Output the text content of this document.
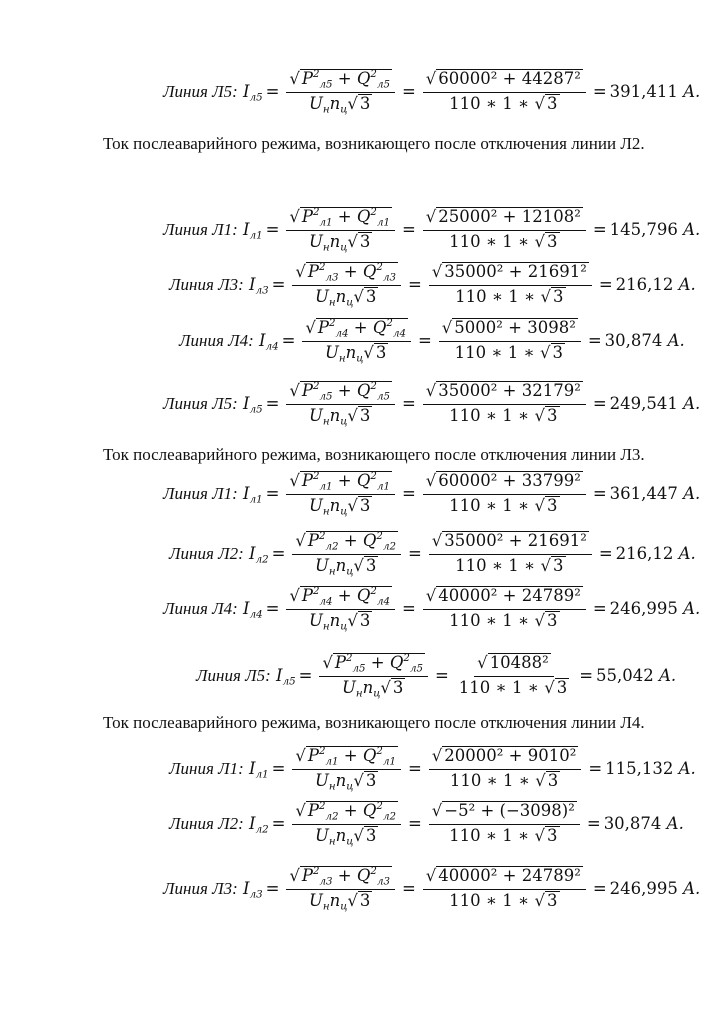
Ток послеаварийного режима, возникающего после отключения линии Л2.
Ток послеаварийного режима, возникающего после отключения линии Л3.
Ток послеаварийного режима, возникающего после отключения линии Л4.
Линия Л5:
$I_{л5} = \frac{√ P^2_{л5} + Q^2_{л5}}{U_нn_ц√ 3} = \frac{\text{√ 60000² + 44287²}}{110 ∗ 1 ∗ √ 3} = 391,411$
A.
Линия Л1:
$I_{л1} = \frac{√ P^2_{л1} + Q^2_{л1}}{U_нn_ц√ 3} = \frac{\text{√ 25000² + 12108²}}{110 ∗ 1 ∗ √ 3} = 145,796$
A.
Линия Л3:
$I_{л3} = \frac{√ P^2_{л3} + Q^2_{л3}}{U_нn_ц√ 3} = \frac{\text{√ 35000² + 21691²}}{110 ∗ 1 ∗ √ 3} = 216,12$
A.
Линия Л4:
$I_{л4} = \frac{√ P^2_{л4} + Q^2_{л4}}{U_нn_ц√ 3} = \frac{\text{√ 5000² + 3098²}}{110 ∗ 1 ∗ √ 3} = 30,874$
A.
Линия Л5:
$I_{л5} = \frac{√ P^2_{л5} + Q^2_{л5}}{U_нn_ц√ 3} = \frac{\text{√ 35000² + 32179²}}{110 ∗ 1 ∗ √ 3} = 249,541$
A.
Линия Л1:
$I_{л1} = \frac{√ P^2_{л1} + Q^2_{л1}}{U_нn_ц√ 3} = \frac{\text{√ 60000² + 33799²}}{110 ∗ 1 ∗ √ 3} = 361,447$
A.
Линия Л2:
$I_{л2} = \frac{√ P^2_{л2} + Q^2_{л2}}{U_нn_ц√ 3} = \frac{\text{√ 35000² + 21691²}}{110 ∗ 1 ∗ √ 3} = 216,12$
A.
Линия Л4:
$I_{л4} = \frac{√ P^2_{л4} + Q^2_{л4}}{U_нn_ц√ 3} = \frac{\text{√ 40000² + 24789²}}{110 ∗ 1 ∗ √ 3} = 246,995$
A.
Линия Л5:
$I_{л5} = \frac{√ P^2_{л5} + Q^2_{л5}}{U_нn_ц√ 3} = \frac{\text{√ 10488²}}{110 ∗ 1 ∗ √ 3} = 55,042$
A.
Линия Л1:
$I_{л1} = \frac{√ P^2_{л1} + Q^2_{л1}}{U_нn_ц√ 3} = \frac{\text{√ 20000² + 9010²}}{110 ∗ 1 ∗ √ 3} = 115,132$
A.
Линия Л2:
$I_{л2} = \frac{√ P^2_{л2} + Q^2_{л2}}{U_нn_ц√ 3} = \frac{\text{√ −5² + (−3098)²}}{110 ∗ 1 ∗ √ 3} = 30,874$
A.
Линия Л3:
$I_{л3} = \frac{√ P^2_{л3} + Q^2_{л3}}{U_нn_ц√ 3} = \frac{\text{√ 40000² + 24789²}}{110 ∗ 1 ∗ √ 3} = 246,995$
A.
